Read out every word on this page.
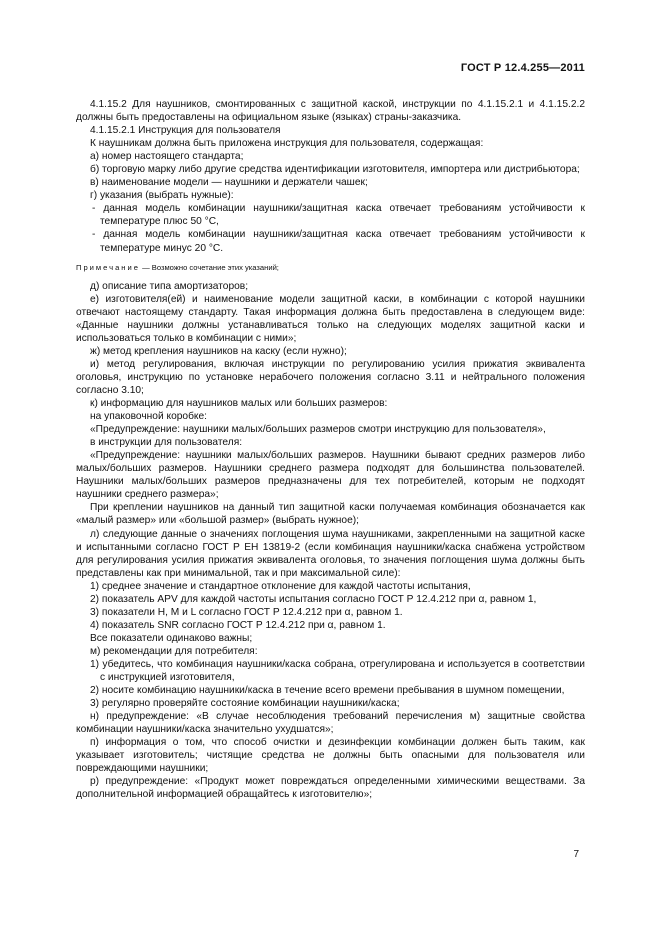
ГОСТ Р 12.4.255—2011

4.1.15.2 Для наушников, смонтированных с защитной каской, инструкции по 4.1.15.2.1 и 4.1.15.2.2 должны быть предоставлены на официальном языке (языках) страны-заказчика.

4.1.15.2.1 Инструкция для пользователя

К наушникам должна быть приложена инструкция для пользователя, содержащая:

а) номер настоящего стандарта;

б) торговую марку либо другие средства идентификации изготовителя, импортера или дистрибьютора;

в) наименование модели — наушники и держатели чашек;

г) указания (выбрать нужные):

- данная модель комбинации наушники/защитная каска отвечает требованиям устойчивости к температуре плюс 50 °С,

- данная модель комбинации наушники/защитная каска отвечает требованиям устойчивости к температуре минус 20 °С.

Примечание — Возможно сочетание этих указаний;

д) описание типа амортизаторов;

е) изготовителя(ей) и наименование модели защитной каски, в комбинации с которой наушники отвечают настоящему стандарту. Такая информация должна быть предоставлена в следующем виде: «Данные наушники должны устанавливаться только на следующих моделях защитной каски и использоваться только в комбинации с ними»;

ж) метод крепления наушников на каску (если нужно);

и) метод регулирования, включая инструкции по регулированию усилия прижатия эквивалента оголовья, инструкцию по установке нерабочего положения согласно 3.11 и нейтрального положения согласно 3.10;

к) информацию для наушников малых или больших размеров:

на упаковочной коробке:

«Предупреждение: наушники малых/больших размеров смотри инструкцию для пользователя»,

в инструкции для пользователя:

«Предупреждение: наушники малых/больших размеров. Наушники бывают средних размеров либо малых/больших размеров. Наушники среднего размера подходят для большинства пользователей. Наушники малых/больших размеров предназначены для тех потребителей, которым не подходят наушники среднего размера»;

При креплении наушников на данный тип защитной каски получаемая комбинация обозначается как «малый размер» или «большой размер» (выбрать нужное);

л) следующие данные о значениях поглощения шума наушниками, закрепленными на защитной каске и испытанными согласно ГОСТ Р ЕН 13819-2 (если комбинация наушники/каска снабжена устройством для регулирования усилия прижатия эквивалента оголовья, то значения поглощения шума должны быть представлены как при минимальной, так и при максимальной силе):

1) среднее значение и стандартное отклонение для каждой частоты испытания,

2) показатель APV для каждой частоты испытания согласно ГОСТ Р 12.4.212 при α, равном 1,

3) показатели H, M и L согласно ГОСТ Р 12.4.212 при α, равном 1.

4) показатель SNR согласно ГОСТ Р 12.4.212 при α, равном 1.

Все показатели одинаково важны;

м) рекомендации для потребителя:

1) убедитесь, что комбинация наушники/каска собрана, отрегулирована и используется в соответствии с инструкцией изготовителя,

2) носите комбинацию наушники/каска в течение всего времени пребывания в шумном помещении,

3) регулярно проверяйте состояние комбинации наушники/каска;

н) предупреждение: «В случае несоблюдения требований перечисления м) защитные свойства комбинации наушники/каска значительно ухудшатся»;

п) информация о том, что способ очистки и дезинфекции комбинации должен быть таким, как указывает изготовитель; чистящие средства не должны быть опасными для пользователя или повреждающими наушники;

р) предупреждение: «Продукт может повреждаться определенными химическими веществами. За дополнительной информацией обращайтесь к изготовителю»;

7
